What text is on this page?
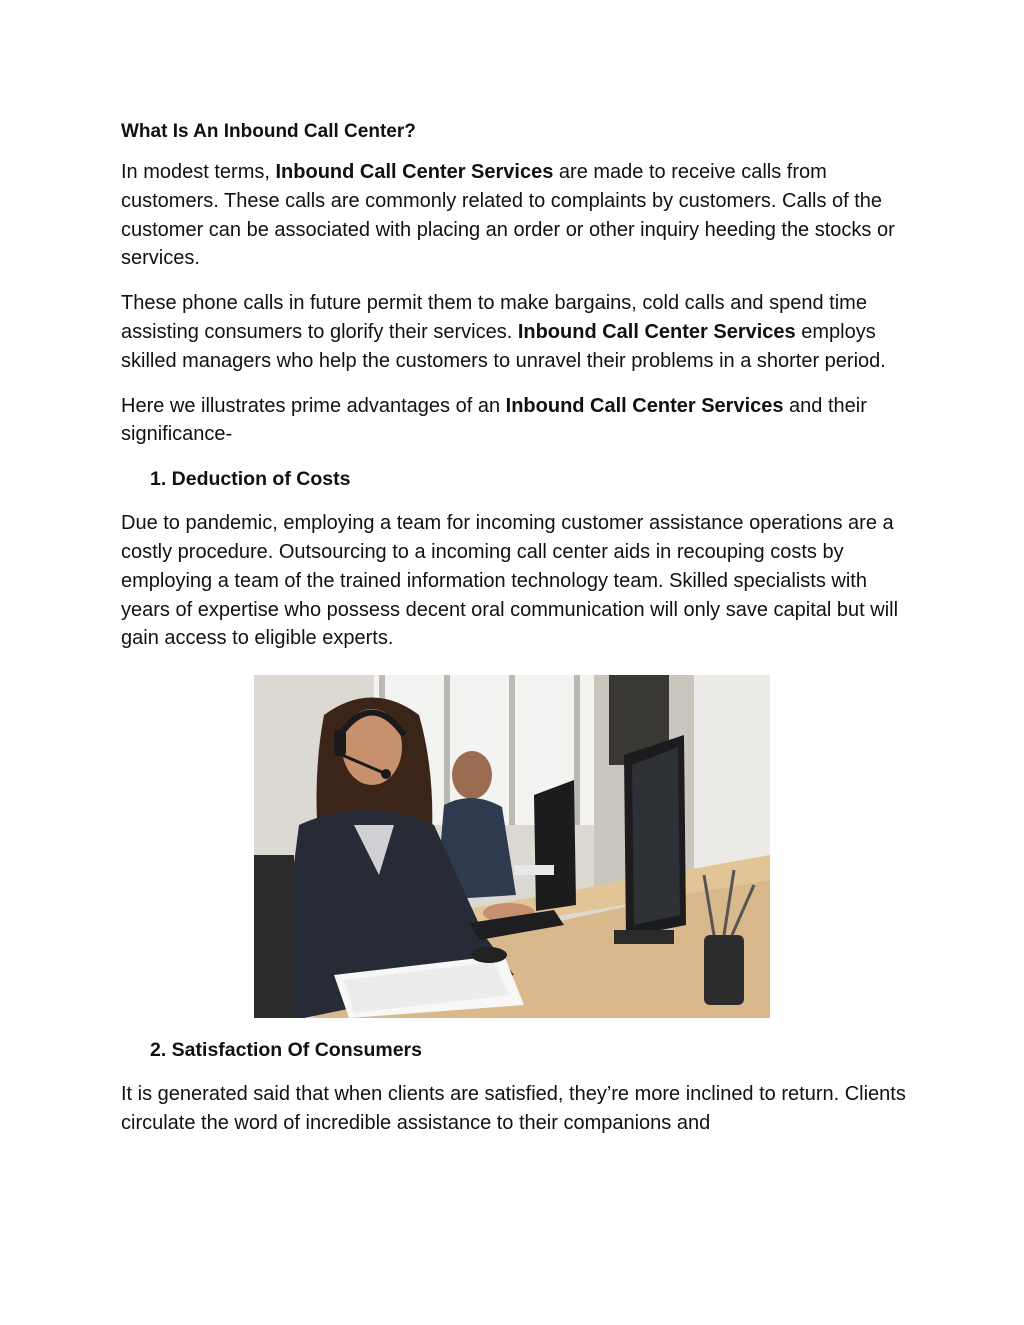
What Is An Inbound Call Center?

In modest terms, Inbound Call Center Services are made to receive calls from customers. These calls are commonly related to complaints by customers. Calls of the customer can be associated with placing an order or other inquiry heeding the stocks or services.

These phone calls in future permit them to make bargains, cold calls and spend time assisting consumers to glorify their services. Inbound Call Center Services employs skilled managers who help the customers to unravel their problems in a shorter period.

Here we illustrates prime advantages of an Inbound Call Center Services and their significance-

1. Deduction of Costs

Due to pandemic, employing a team for incoming customer assistance operations are a costly procedure. Outsourcing to a incoming call center aids in recouping costs by employing a team of the trained information technology team. Skilled specialists with years of expertise who possess decent oral communication will only save capital but will gain access to eligible experts.

2. Satisfaction Of Consumers

It is generated said that when clients are satisfied, they’re more inclined to return. Clients circulate the word of incredible assistance to their companions and
